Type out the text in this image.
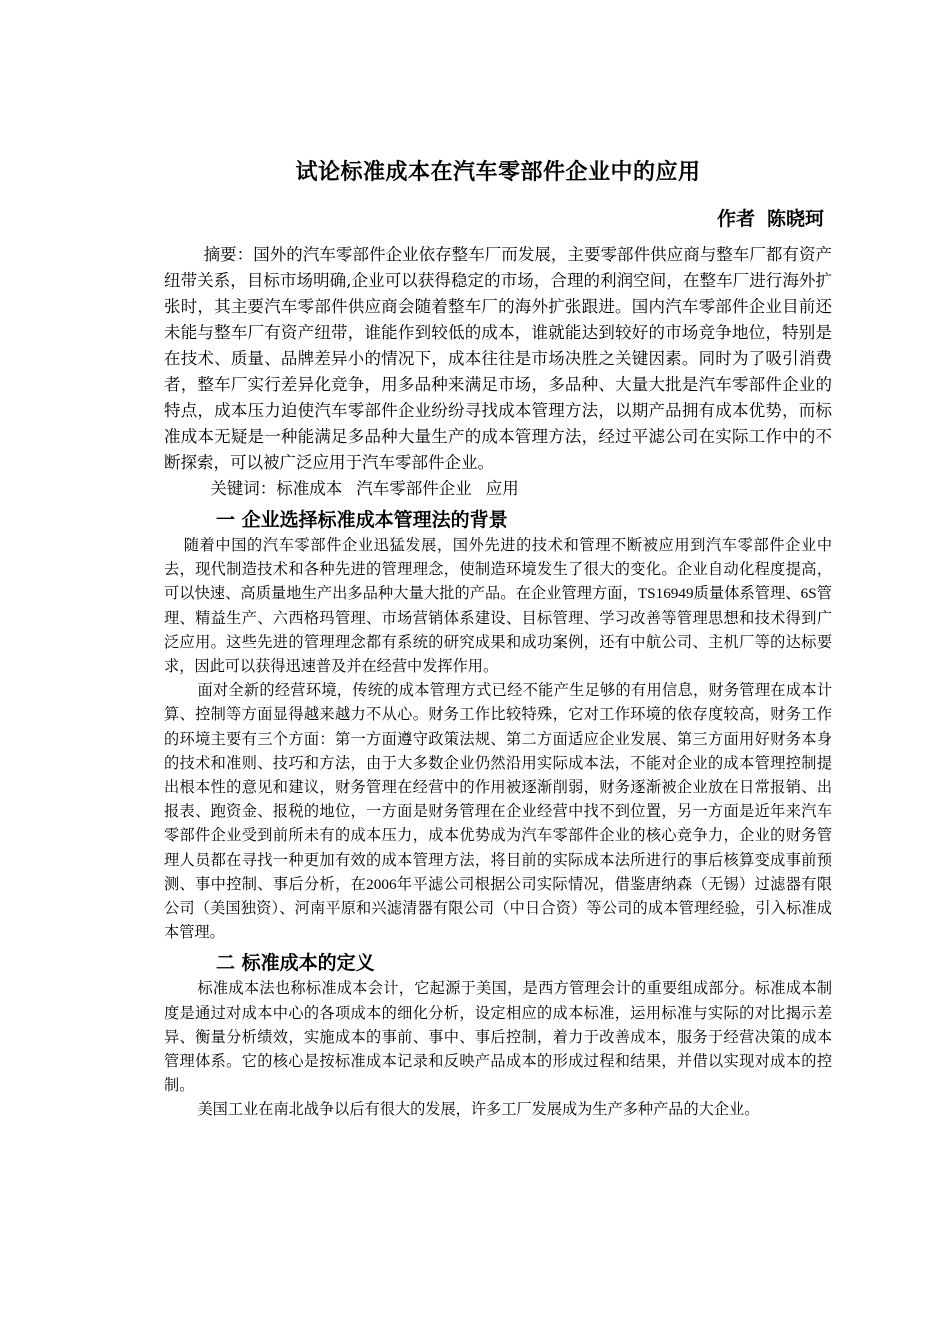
试论标准成本在汽车零部件企业中的应用

作者 陈晓珂

摘要：国外的汽车零部件企业依存整车厂而发展，主要零部件供应商与整车厂都有资产纽带关系，目标市场明确,企业可以获得稳定的市场，合理的利润空间，在整车厂进行海外扩张时，其主要汽车零部件供应商会随着整车厂的海外扩张跟进。国内汽车零部件企业目前还未能与整车厂有资产纽带，谁能作到较低的成本，谁就能达到较好的市场竞争地位，特别是在技术、质量、品牌差异小的情况下，成本往往是市场决胜之关键因素。同时为了吸引消费者，整车厂实行差异化竞争，用多品种来满足市场，多品种、大量大批是汽车零部件企业的特点，成本压力迫使汽车零部件企业纷纷寻找成本管理方法，以期产品拥有成本优势，而标准成本无疑是一种能满足多品种大量生产的成本管理方法，经过平滤公司在实际工作中的不断探索，可以被广泛应用于汽车零部件企业。

关键词：标准成本 汽车零部件企业 应用

一 企业选择标准成本管理法的背景

随着中国的汽车零部件企业迅猛发展，国外先进的技术和管理不断被应用到汽车零部件企业中去，现代制造技术和各种先进的管理理念，使制造环境发生了很大的变化。企业自动化程度提高，可以快速、高质量地生产出多品种大量大批的产品。在企业管理方面，TS16949质量体系管理、6S管理、精益生产、六西格玛管理、市场营销体系建设、目标管理、学习改善等管理思想和技术得到广泛应用。这些先进的管理理念都有系统的研究成果和成功案例，还有中航公司、主机厂等的达标要求，因此可以获得迅速普及并在经营中发挥作用。

面对全新的经营环境，传统的成本管理方式已经不能产生足够的有用信息，财务管理在成本计算、控制等方面显得越来越力不从心。财务工作比较特殊，它对工作环境的依存度较高，财务工作的环境主要有三个方面：第一方面遵守政策法规、第二方面适应企业发展、第三方面用好财务本身的技术和准则、技巧和方法，由于大多数企业仍然沿用实际成本法，不能对企业的成本管理控制提出根本性的意见和建议，财务管理在经营中的作用被逐渐削弱，财务逐渐被企业放在日常报销、出报表、跑资金、报税的地位，一方面是财务管理在企业经营中找不到位置，另一方面是近年来汽车零部件企业受到前所未有的成本压力，成本优势成为汽车零部件企业的核心竞争力，企业的财务管理人员都在寻找一种更加有效的成本管理方法，将目前的实际成本法所进行的事后核算变成事前预测、事中控制、事后分析，在2006年平滤公司根据公司实际情况，借鉴唐纳森（无锡）过滤器有限公司（美国独资）、河南平原和兴滤清器有限公司（中日合资）等公司的成本管理经验，引入标准成本管理。

二 标准成本的定义

标准成本法也称标准成本会计，它起源于美国，是西方管理会计的重要组成部分。标准成本制度是通过对成本中心的各项成本的细化分析，设定相应的成本标准，运用标准与实际的对比揭示差异、衡量分析绩效，实施成本的事前、事中、事后控制，着力于改善成本，服务于经营决策的成本管理体系。它的核心是按标准成本记录和反映产品成本的形成过程和结果，并借以实现对成本的控制。

美国工业在南北战争以后有很大的发展，许多工厂发展成为生产多种产品的大企业。
